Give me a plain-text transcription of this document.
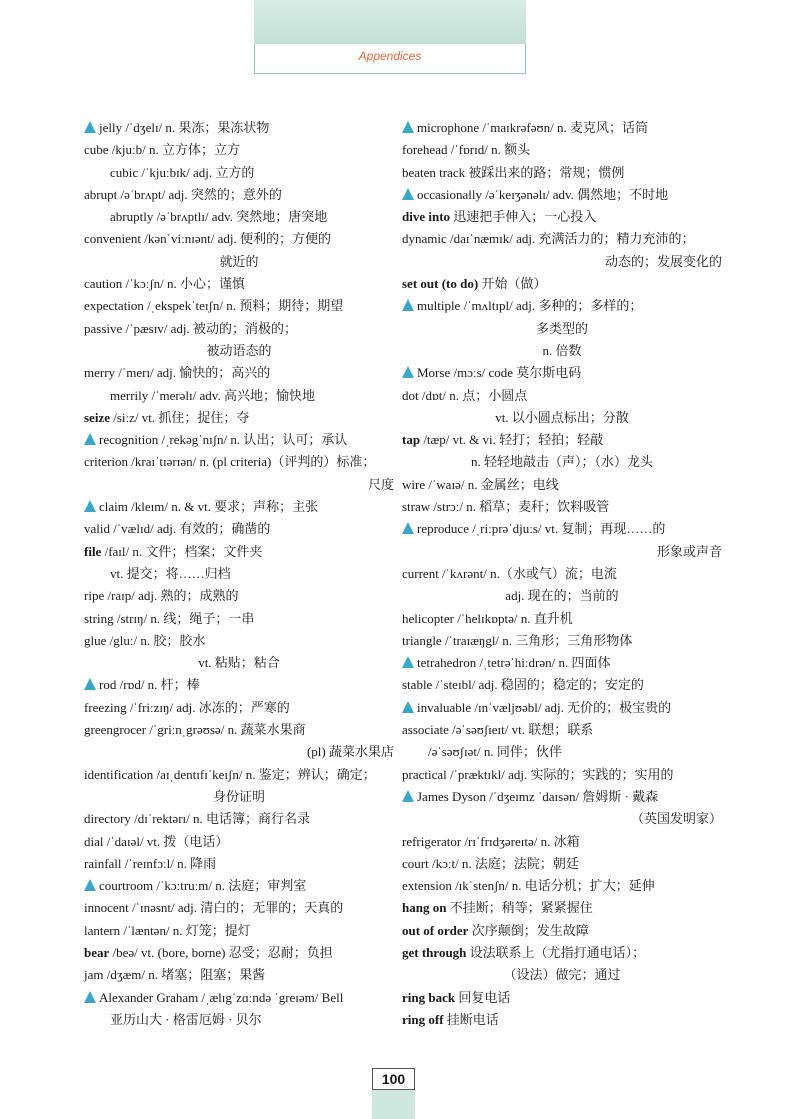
Appendices
jelly /ˈdʒelɪ/ n. 果冻；果冻状物
cube /kjuːb/ n. 立方体；立方
cubic /ˈkjuːbɪk/ adj. 立方的
abrupt /əˈbrʌpt/ adj. 突然的；意外的
abruptly /əˈbrʌptlɪ/ adv. 突然地；唐突地
convenient /kənˈviːnɪənt/ adj. 便利的；方便的
就近的
caution /ˈkɔːʃn/ n. 小心；谨慎
expectation /ˌekspekˈteɪʃn/ n. 预料；期待；期望
passive /ˈpæsɪv/ adj. 被动的；消极的；
被动语态的
merry /ˈmerɪ/ adj. 愉快的；高兴的
merrily /ˈmerəlɪ/ adv. 高兴地；愉快地
seize /siːz/ vt. 抓住；捉住；夺
recognition /ˌrekəgˈnɪʃn/ n. 认出；认可；承认
criterion /kraɪˈtɪərɪən/ n. (pl criteria)（评判的）标准；
尺度
claim /kleɪm/ n. & vt. 要求；声称；主张
valid /ˈvælɪd/ adj. 有效的；确凿的
file /faɪl/ n. 文件；档案；文件夹
vt. 提交；将……归档
ripe /raɪp/ adj. 熟的；成熟的
string /strɪŋ/ n. 线；绳子；一串
glue /gluː/ n. 胶；胶水
vt. 粘贴；粘合
rod /rɒd/ n. 杆；棒
freezing /ˈfriːzɪŋ/ adj. 冰冻的；严寒的
greengrocer /ˈgriːnˌgrəʊsə/ n. 蔬菜水果商
(pl) 蔬菜水果店
identification /aɪˌdentɪfɪˈkeɪʃn/ n. 鉴定；辨认；确定；
身份证明
directory /dɪˈrektərɪ/ n. 电话簿；商行名录
dial /ˈdaɪəl/ vt. 拨（电话）
rainfall /ˈreɪnfɔːl/ n. 降雨
courtroom /ˈkɔːtruːm/ n. 法庭；审判室
innocent /ˈɪnəsnt/ adj. 清白的；无罪的；天真的
lantern /ˈlæntən/ n. 灯笼；提灯
bear /beə/ vt. (bore, borne) 忍受；忍耐；负担
jam /dʒæm/ n. 堵塞；阻塞；果酱
Alexander Graham /ˌælɪgˈzɑːndə ˈgreɪəm/ Bell
亚历山大 · 格雷厄姆 · 贝尔
microphone /ˈmaɪkrəfəʊn/ n. 麦克风；话筒
forehead /ˈfɒrɪd/ n. 额头
beaten track 被踩出来的路；常规；惯例
occasionally /əˈkeɪʒənəlɪ/ adv. 偶然地；不时地
dive into 迅速把手伸入；一心投入
dynamic /daɪˈnæmɪk/ adj. 充满活力的；精力充沛的；
动态的；发展变化的
set out (to do) 开始（做）
multiple /ˈmʌltɪpl/ adj. 多种的；多样的；
多类型的
n. 倍数
Morse /mɔːs/ code 莫尔斯电码
dot /dɒt/ n. 点；小圆点
vt. 以小圆点标出；分散
tap /tæp/ vt. & vi. 轻打；轻拍；轻敲
n. 轻轻地敲击（声）；（水）龙头
wire /ˈwaɪə/ n. 金属丝；电线
straw /strɔː/ n. 稻草；麦秆；饮料吸管
reproduce /ˌriːprəˈdjuːs/ vt. 复制；再现……的
形象或声音
current /ˈkʌrənt/ n.（水或气）流；电流
adj. 现在的；当前的
helicopter /ˈhelɪkɒptə/ n. 直升机
triangle /ˈtraɪæŋgl/ n. 三角形；三角形物体
tetrahedron /ˌtetrəˈhiːdrən/ n. 四面体
stable /ˈsteɪbl/ adj. 稳固的；稳定的；安定的
invaluable /ɪnˈvæljʊəbl/ adj. 无价的；极宝贵的
associate /əˈsəʊʃɪeɪt/ vt. 联想；联系
/əˈsəʊʃɪət/ n. 同伴；伙伴
practical /ˈpræktɪkl/ adj. 实际的；实践的；实用的
James Dyson /ˈdʒeɪmz ˈdaɪsən/ 詹姆斯 · 戴森
（英国发明家）
refrigerator /rɪˈfrɪdʒəreɪtə/ n. 冰箱
court /kɔːt/ n. 法庭；法院；朝廷
extension /ɪkˈstenʃn/ n. 电话分机；扩大；延伸
hang on 不挂断；稍等；紧紧握住
out of order 次序颠倒；发生故障
get through 设法联系上（尤指打通电话）；
（设法）做完；通过
ring back 回复电话
ring off 挂断电话
100
